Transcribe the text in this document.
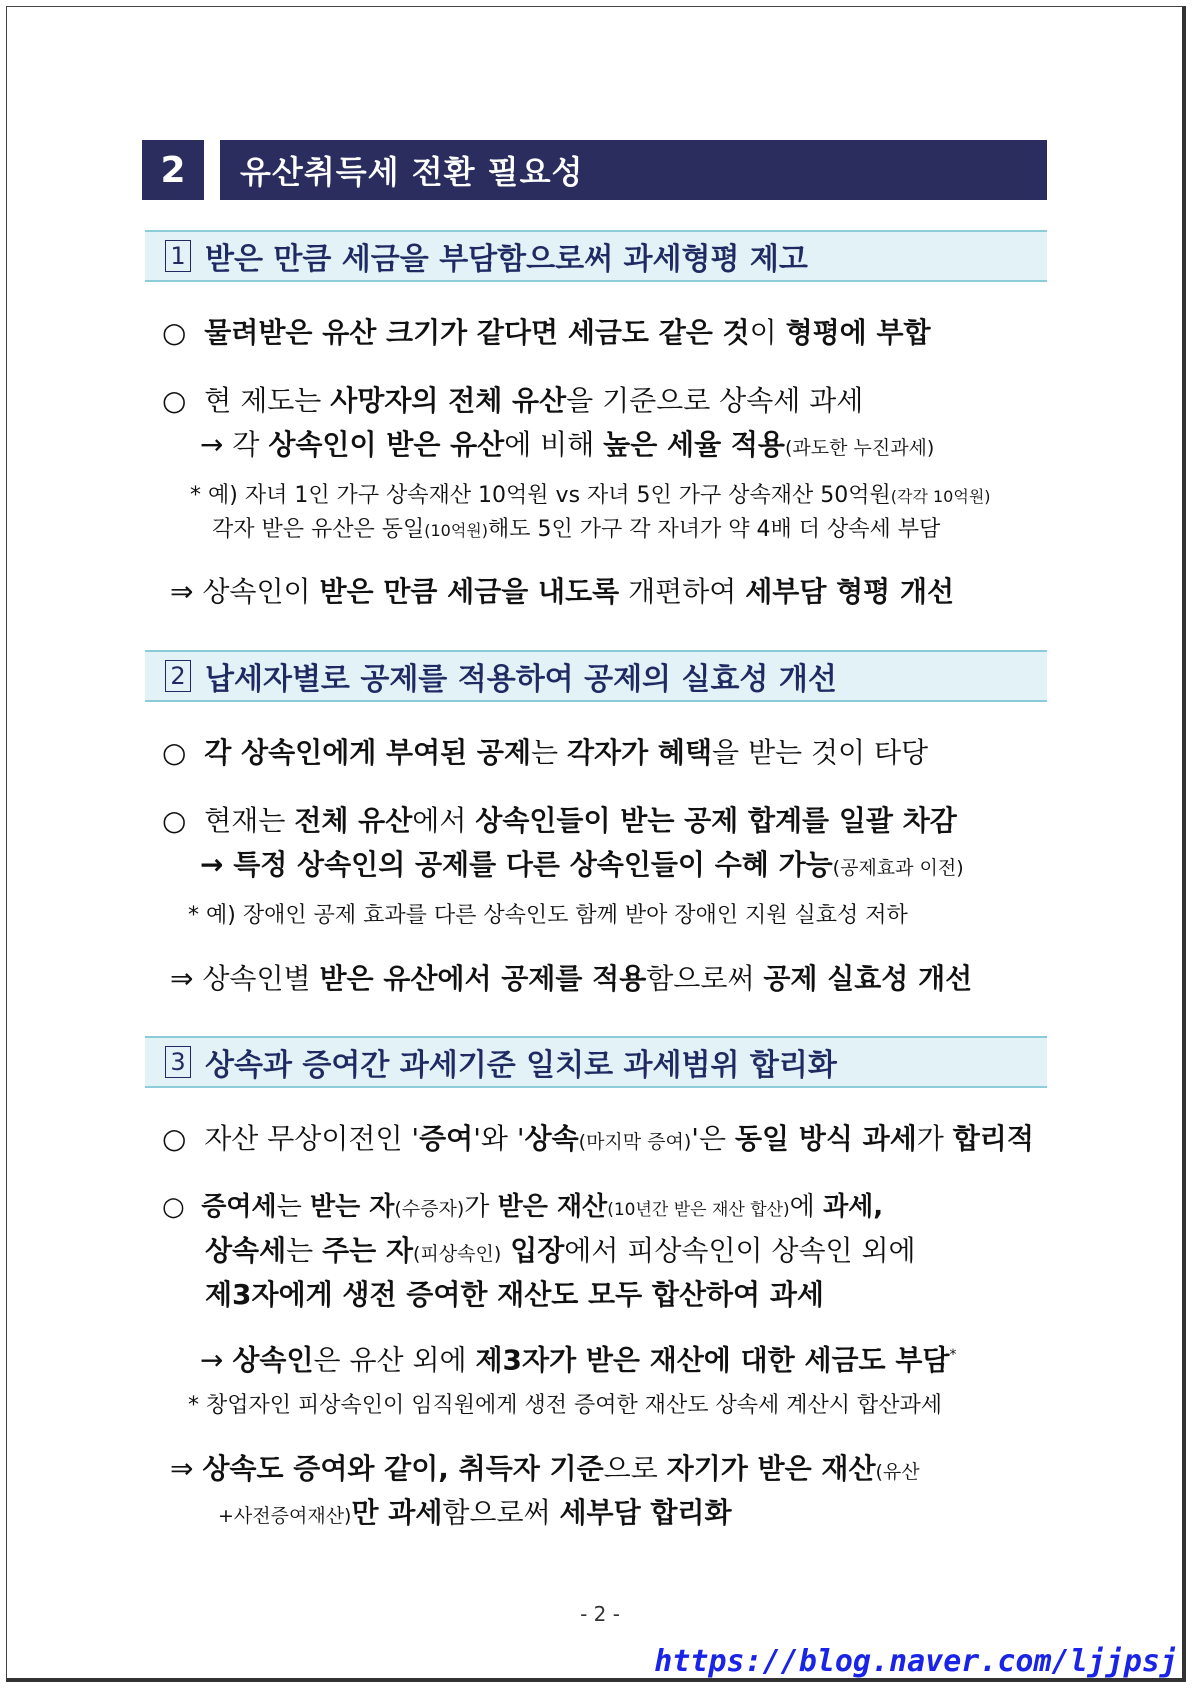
2	유산취득세 전환 필요성
1 받은 만큼 세금을 부담함으로써 과세형평 제고
○ 물려받은 유산 크기가 같다면 세금도 같은 것이 형평에 부합
○ 현 제도는 사망자의 전체 유산을 기준으로 상속세 과세
→ 각 상속인이 받은 유산에 비해 높은 세율 적용(과도한 누진과세)
* 예) 자녀 1인 가구 상속재산 10억원 vs 자녀 5인 가구 상속재산 50억원(각각 10억원)
각자 받은 유산은 동일(10억원)해도 5인 가구 각 자녀가 약 4배 더 상속세 부담
⇒ 상속인이 받은 만큼 세금을 내도록 개편하여 세부담 형평 개선
2 납세자별로 공제를 적용하여 공제의 실효성 개선
○ 각 상속인에게 부여된 공제는 각자가 혜택을 받는 것이 타당
○ 현재는 전체 유산에서 상속인들이 받는 공제 합계를 일괄 차감
→ 특정 상속인의 공제를 다른 상속인들이 수혜 가능(공제효과 이전)
* 예) 장애인 공제 효과를 다른 상속인도 함께 받아 장애인 지원 실효성 저하
⇒ 상속인별 받은 유산에서 공제를 적용함으로써 공제 실효성 개선
3 상속과 증여간 과세기준 일치로 과세범위 합리화
○ 자산 무상이전인 '증여'와 '상속(마지막 증여)'은 동일 방식 과세가 합리적
○ 증여세는 받는 자(수증자)가 받은 재산(10년간 받은 재산 합산)에 과세,
상속세는 주는 자(피상속인) 입장에서 피상속인이 상속인 외에
제3자에게 생전 증여한 재산도 모두 합산하여 과세
→ 상속인은 유산 외에 제3자가 받은 재산에 대한 세금도 부담*
* 창업자인 피상속인이 임직원에게 생전 증여한 재산도 상속세 계산시 합산과세
⇒ 상속도 증여와 같이, 취득자 기준으로 자기가 받은 재산(유산
+사전증여재산)만 과세함으로써 세부담 합리화
- 2 -
https://blog.naver.com/ljjpsj
